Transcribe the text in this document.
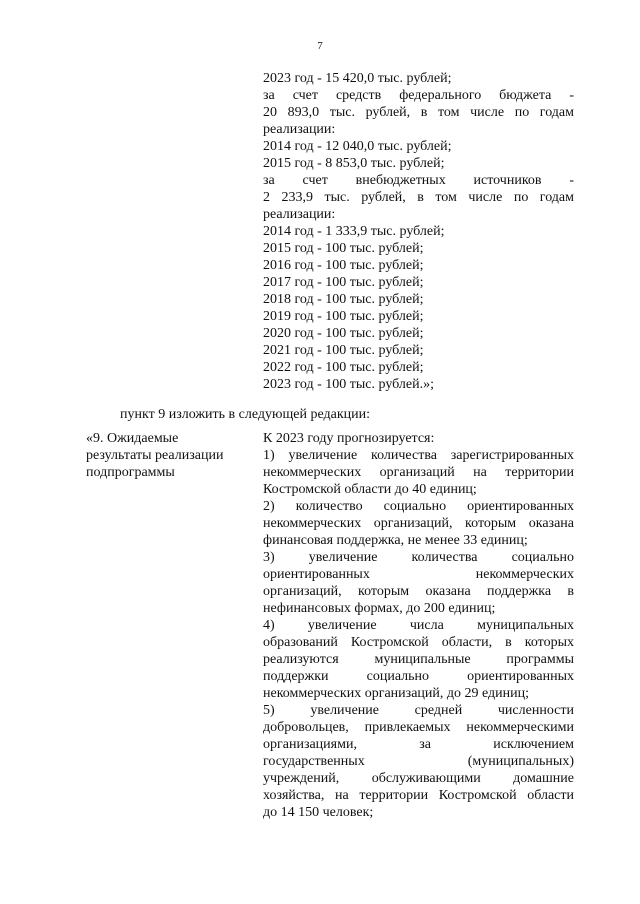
7
2023 год - 15 420,0 тыс. рублей;
за счет средств федерального бюджета -
20 893,0 тыс. рублей, в том числе по годам
реализации:
2014 год - 12 040,0 тыс. рублей;
2015 год - 8 853,0 тыс. рублей;
за счет внебюджетных источников -
2 233,9 тыс. рублей, в том числе по годам
реализации:
2014 год - 1 333,9 тыс. рублей;
2015 год - 100 тыс. рублей;
2016 год - 100 тыс. рублей;
2017 год - 100 тыс. рублей;
2018 год - 100 тыс. рублей;
2019 год - 100 тыс. рублей;
2020 год - 100 тыс. рублей;
2021 год - 100 тыс. рублей;
2022 год - 100 тыс. рублей;
2023 год - 100 тыс. рублей.»;
пункт 9 изложить в следующей редакции:
«9. Ожидаемые
результаты реализации
подпрограммы
К 2023 году прогнозируется:
1) увеличение количества зарегистрированных
некоммерческих организаций на территории
Костромской области до 40 единиц;
2) количество социально ориентированных
некоммерческих организаций, которым оказана
финансовая поддержка, не менее 33 единиц;
3) увеличение количества социально
ориентированных некоммерческих
организаций, которым оказана поддержка в
нефинансовых формах, до 200 единиц;
4) увеличение числа муниципальных
образований Костромской области, в которых
реализуются муниципальные программы
поддержки социально ориентированных
некоммерческих организаций, до 29 единиц;
5) увеличение средней численности
добровольцев, привлекаемых некоммерческими
организациями, за исключением
государственных (муниципальных)
учреждений, обслуживающими домашние
хозяйства, на территории Костромской области
до 14 150 человек;
